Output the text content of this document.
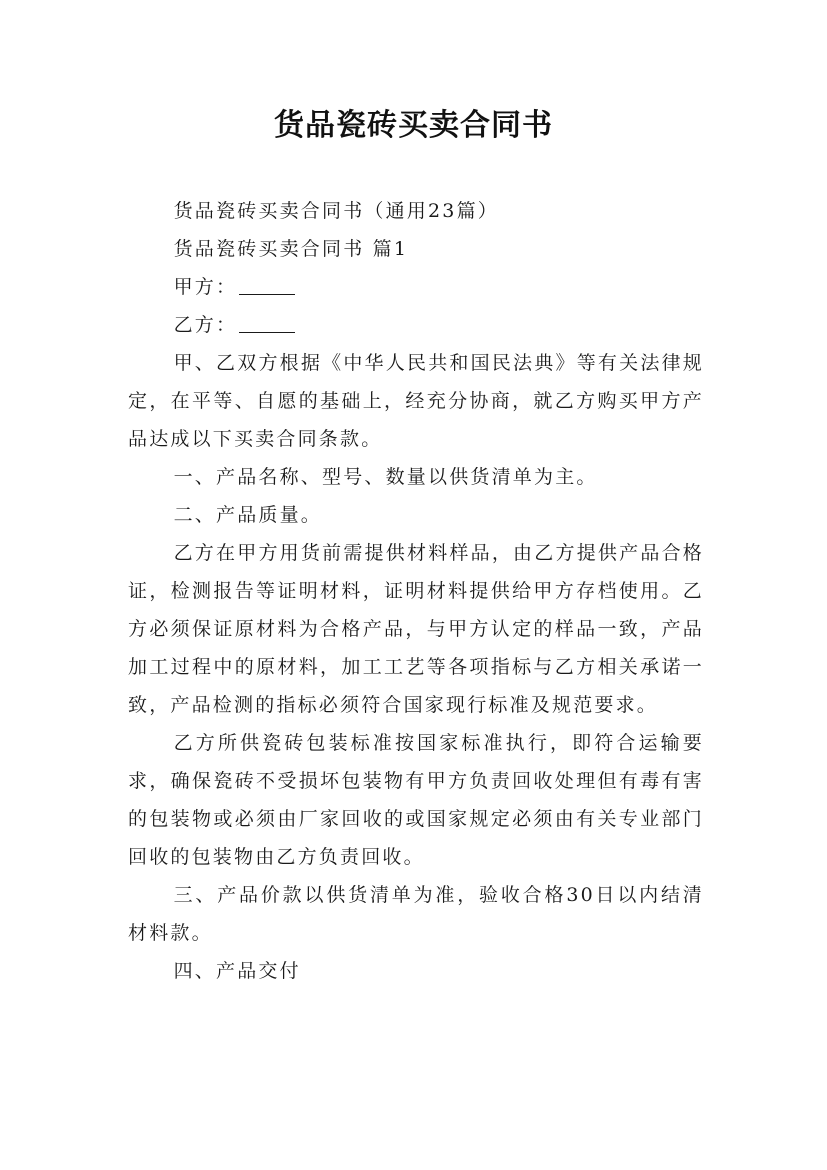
货品瓷砖买卖合同书

货品瓷砖买卖合同书（通用23篇）

货品瓷砖买卖合同书 篇1

甲方：

乙方：

甲、乙双方根据《中华人民共和国民法典》等有关法律规定，在平等、自愿的基础上，经充分协商，就乙方购买甲方产品达成以下买卖合同条款。

一、产品名称、型号、数量以供货清单为主。

二、产品质量。

乙方在甲方用货前需提供材料样品，由乙方提供产品合格证，检测报告等证明材料，证明材料提供给甲方存档使用。乙方必须保证原材料为合格产品，与甲方认定的样品一致，产品加工过程中的原材料，加工工艺等各项指标与乙方相关承诺一致，产品检测的指标必须符合国家现行标准及规范要求。

乙方所供瓷砖包装标准按国家标准执行，即符合运输要求，确保瓷砖不受损坏包装物有甲方负责回收处理但有毒有害的包装物或必须由厂家回收的或国家规定必须由有关专业部门回收的包装物由乙方负责回收。

三、产品价款以供货清单为准，验收合格30日以内结清材料款。

四、产品交付
